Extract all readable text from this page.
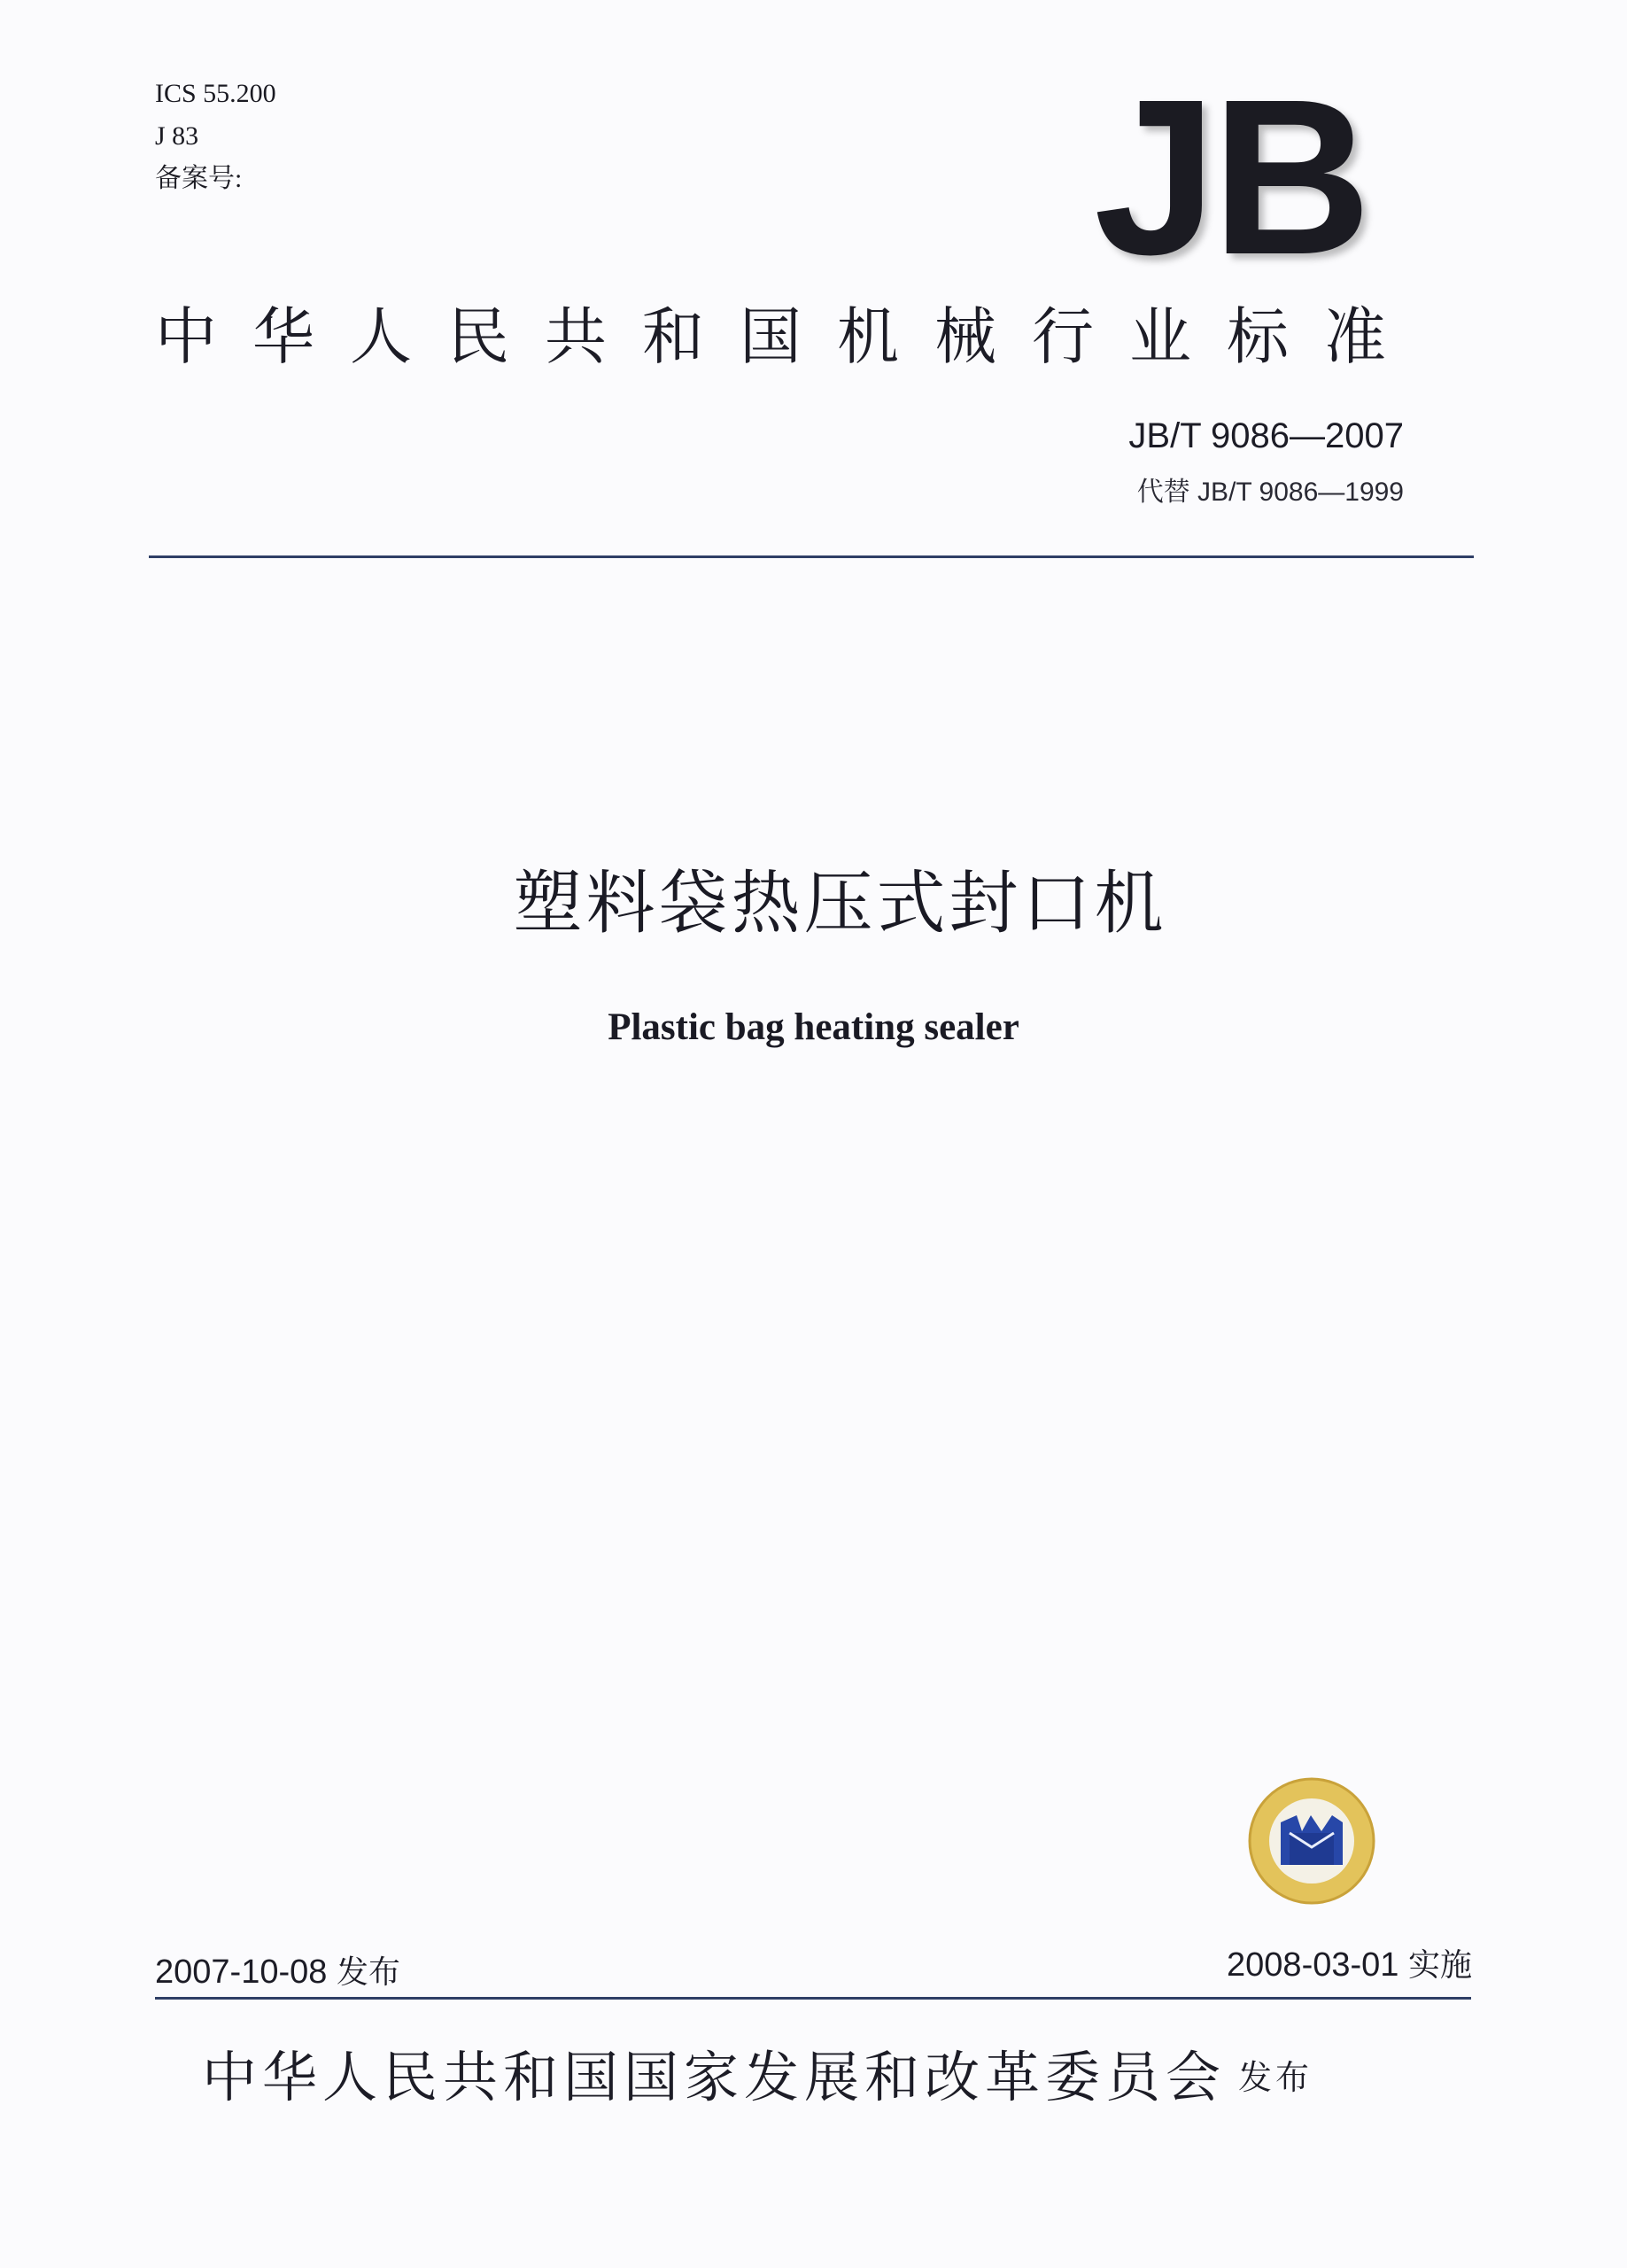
ICS 55.200
J 83
备案号:	JB
中华人民共和国机械行业标准
JB/T 9086—2007
代替 JB/T 9086—1999
塑料袋热压式封口机
Plastic bag heating sealer
2007-10-08 发布	2008-03-01 实施
中华人民共和国国家发展和改革委员会 发布
